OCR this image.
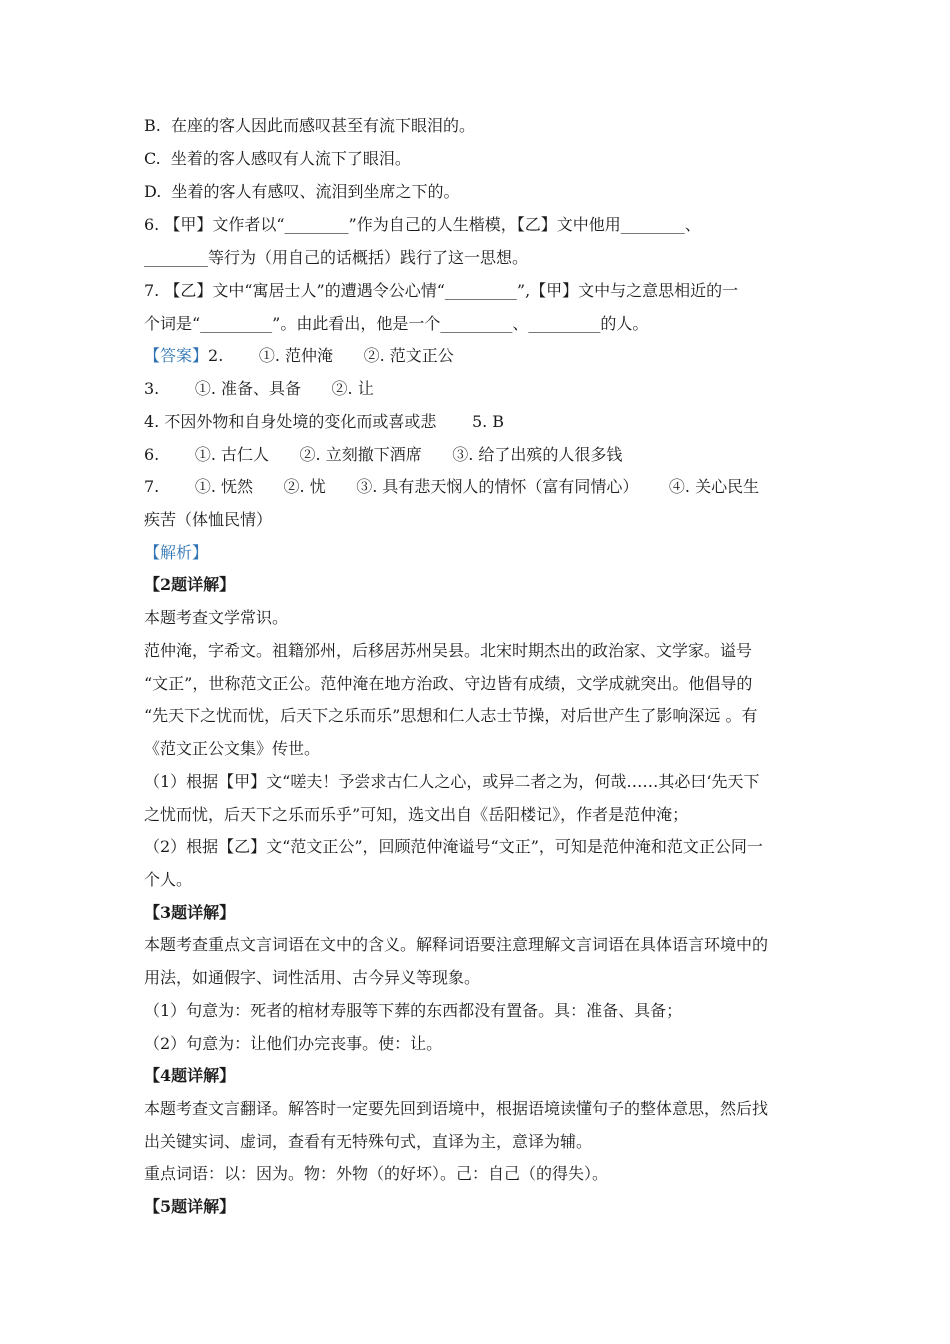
B.  在座的客人因此而感叹甚至有流下眼泪的。
C.  坐着的客人感叹有人流下了眼泪。
D.  坐着的客人有感叹、流泪到坐席之下的。
6. 【甲】文作者以“________”作为自己的人生楷模，【乙】文中他用________、
________等行为（用自己的话概括）践行了这一思想。
7. 【乙】文中“寓居士人”的遭遇令公心情“_________”,【甲】文中与之意思相近的一
个词是“_________”。由此看出，他是一个_________、_________的人。
【答案】2.       ①. 范仲淹      ②. 范文正公
3.       ①. 准备、具备      ②. 让
4. 不因外物和自身处境的变化而或喜或悲       5. B
6.       ①. 古仁人      ②. 立刻撤下酒席      ③. 给了出殡的人很多钱
7.       ①. 怃然      ②. 忧      ③. 具有悲天悯人的情怀（富有同情心）      ④. 关心民生
疾苦（体恤民情）
【解析】
【2题详解】
本题考查文学常识。
范仲淹，字希文。祖籍邠州，后移居苏州吴县。北宋时期杰出的政治家、文学家。谥号
“文正”，世称范文正公。范仲淹在地方治政、守边皆有成绩，文学成就突出。他倡导的
“先天下之忧而忧，后天下之乐而乐”思想和仁人志士节操，对后世产生了影响深远 。有
《范文正公文集》传世。
（1）根据【甲】文“嗟夫！予尝求古仁人之心，或异二者之为，何哉……其必曰‘先天下
之忧而忧，后天下之乐而乐乎”可知，选文出自《岳阳楼记》，作者是范仲淹；
（2）根据【乙】文“范文正公”，回顾范仲淹谥号“文正”，可知是范仲淹和范文正公同一
个人。
【3题详解】
本题考查重点文言词语在文中的含义。解释词语要注意理解文言词语在具体语言环境中的
用法，如通假字、词性活用、古今异义等现象。
（1）句意为：死者的棺材寿服等下葬的东西都没有置备。具：准备、具备；
（2）句意为：让他们办完丧事。使：让。
【4题详解】
本题考查文言翻译。解答时一定要先回到语境中，根据语境读懂句子的整体意思，然后找
出关键实词、虚词，查看有无特殊句式，直译为主，意译为辅。
重点词语：以：因为。物：外物（的好坏）。己：自己（的得失）。
【5题详解】
